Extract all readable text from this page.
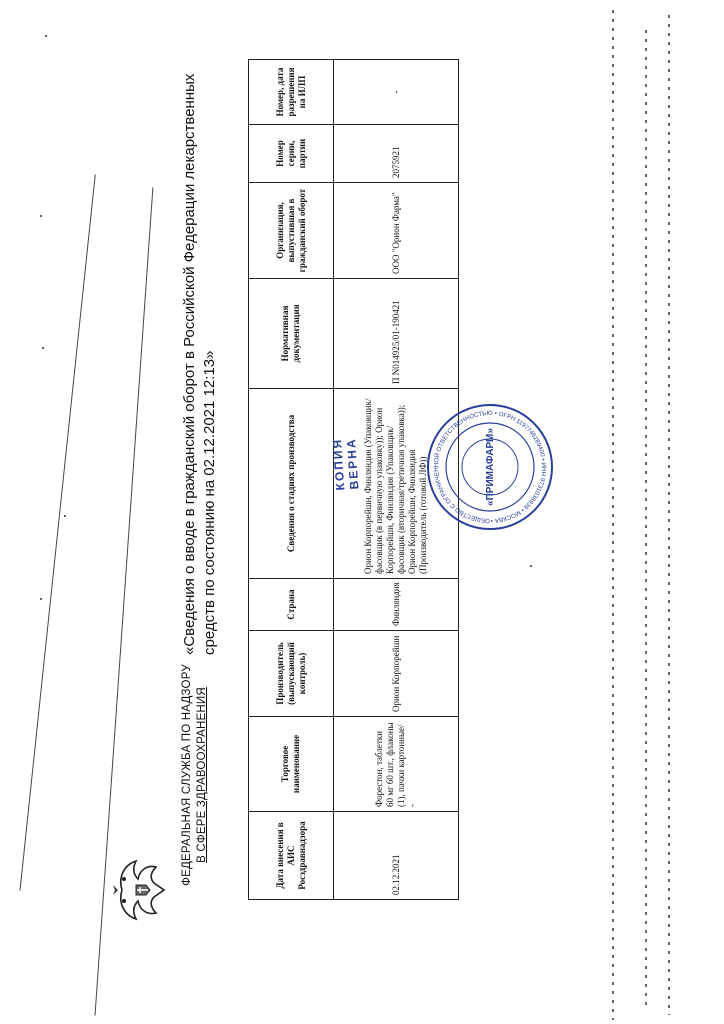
ФЕДЕРАЛЬНАЯ СЛУЖБА ПО НАДЗОРУ В СФЕРЕ ЗДРАВООХРАНЕНИЯ
«Сведения о вводе в гражданский оборот в Российской Федерации лекарственных средств по состоянию на 02.12.2021 12:13»
Дата внесения в АИС Росздравнадзора	Торговое наименование	Производитель (выпускающий контроль)	Страна	Сведения о стадиях производства	Нормативная документация	Организация, выпустившая в гражданский оборот	Номер серии, партии	Номер, дата разрешения на ИЛП
02.12.2021	Форестон, таблетки 60 мг 60 шт., флаконы (1), пачки картонные/ -	Орион Корпорейшн	Финляндия	Орион Корпорейшн, Финляндия (Упаковщик/фасовщик (в первичную упаковку)); Орион Корпорейшн, Финляндия (Упаковщик/фасовщик (вторичная/третичная упаковка)); Орион Корпорейшн, Финляндия (Производитель (готовой ЛФ))	П N014925/01-190421	ООО "Орион Фарма"	2075921	-
КОПИЯ ВЕРНА
ОБЩЕСТВО С ОГРАНИЧЕННОЙ ОТВЕТСТВЕННОСТЬЮ • ОГРН 1197746289400 • ИНН 9731036939 • МОСКВА •
«ПРИМАФАРМ»
